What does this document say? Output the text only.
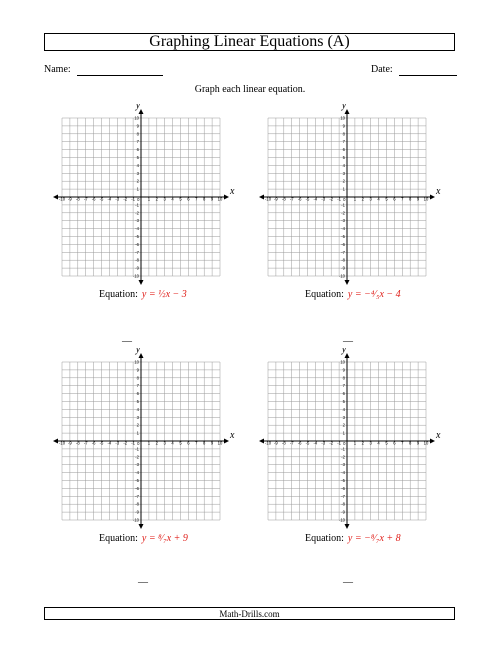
Graphing Linear Equations (A)
Name:	Date:
Graph each linear equation.
x
y
-10
-10
-9
-9
-8
-8
-7
-7
-6
-6
-5
-5
-4
-4
-3
-3
-2
-2
-1
-1
1
1
2
2
3
3
4
4
5
5
6
6
7
7
8
8
9
9
10
10
0
Equation: y = ½x − 3
—
x
y
-10
-10
-9
-9
-8
-8
-7
-7
-6
-6
-5
-5
-4
-4
-3
-3
-2
-2
-1
-1
1
1
2
2
3
3
4
4
5
5
6
6
7
7
8
8
9
9
10
10
0
Equation: y = −⁴⁄₅x − 4
—
x
y
-10
-10
-9
-9
-8
-8
-7
-7
-6
-6
-5
-5
-4
-4
-3
-3
-2
-2
-1
-1
1
1
2
2
3
3
4
4
5
5
6
6
7
7
8
8
9
9
10
10
0
Equation: y = ⁸⁄₇x + 9
—
x
y
-10
-10
-9
-9
-8
-8
-7
-7
-6
-6
-5
-5
-4
-4
-3
-3
-2
-2
-1
-1
1
1
2
2
3
3
4
4
5
5
6
6
7
7
8
8
9
9
10
10
0
Equation: y = −⁸⁄₇x + 8
—
Math-Drills.com
